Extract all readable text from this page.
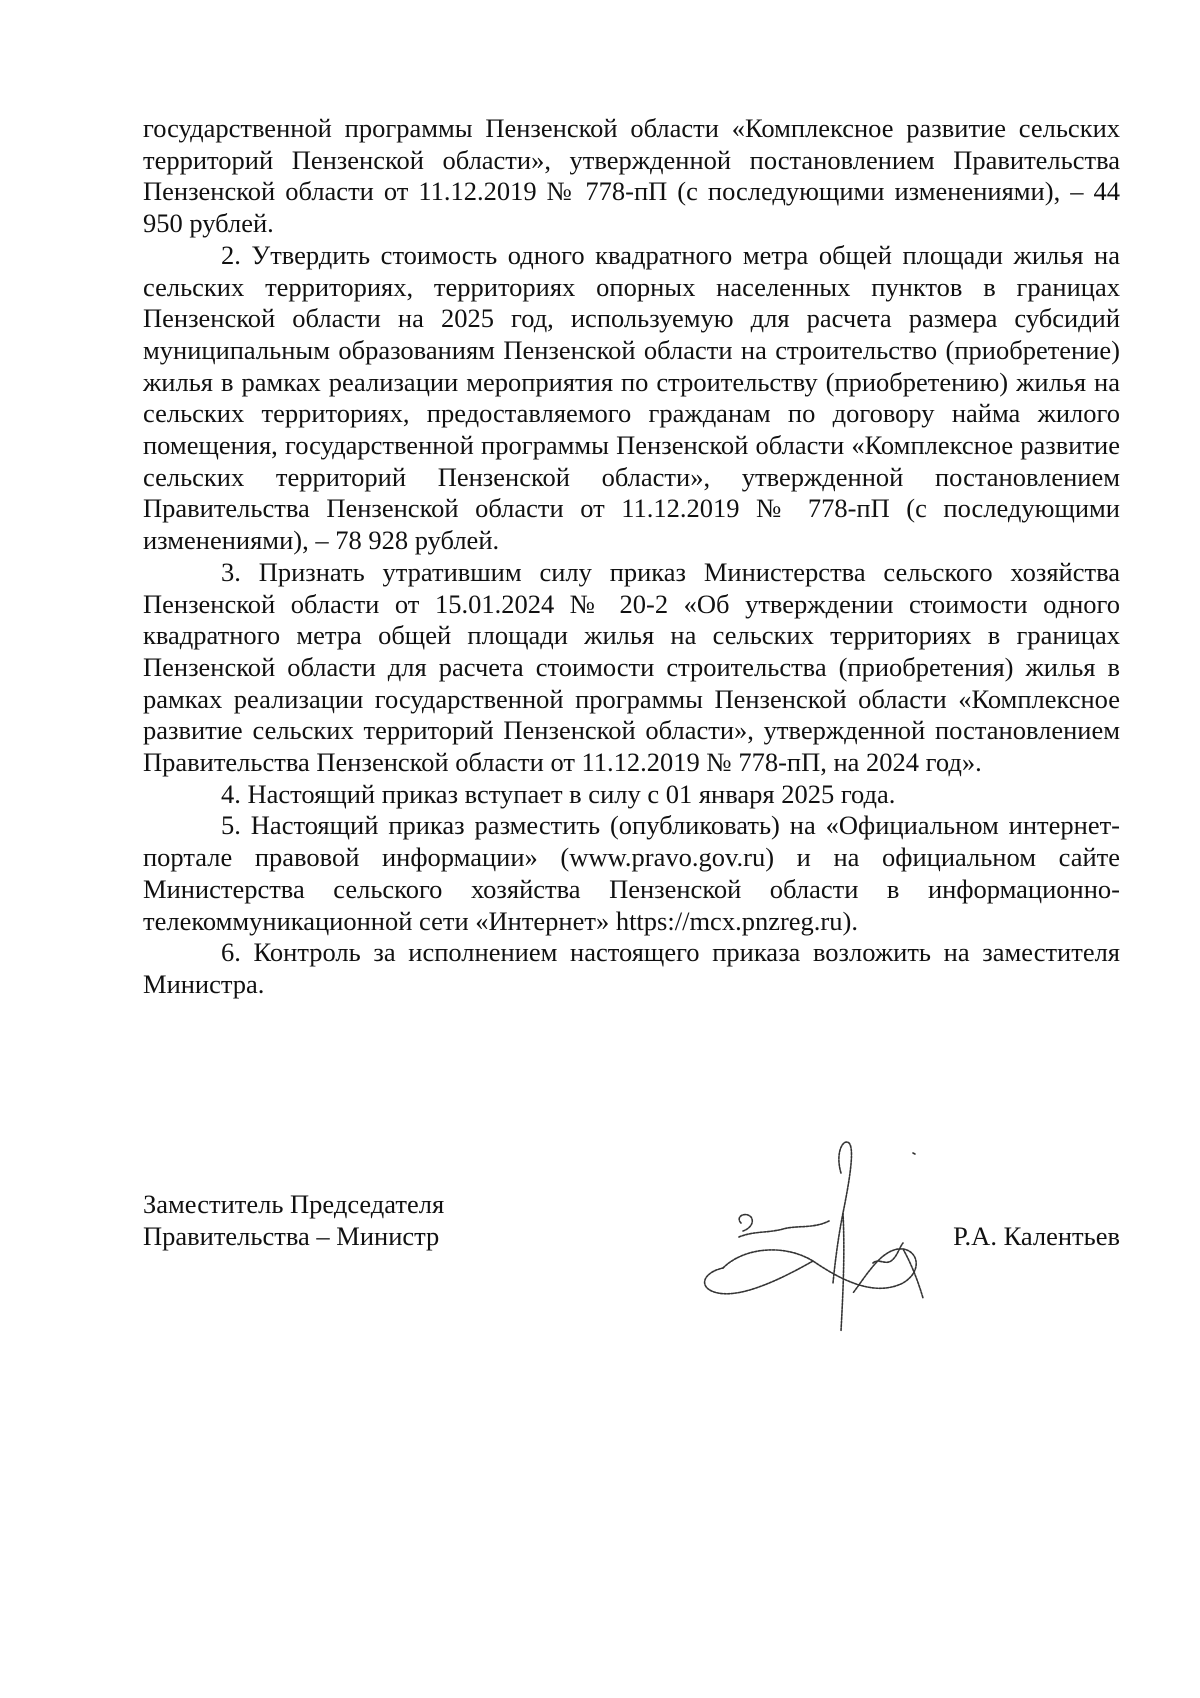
государственной программы Пензенской области «Комплексное развитие сельских территорий Пензенской области», утвержденной постановлением Правительства Пензенской области от 11.12.2019 № 778-пП (с последующими изменениями), – 44 950 рублей.

2. Утвердить стоимость одного квадратного метра общей площади жилья на сельских территориях, территориях опорных населенных пунктов в границах Пензенской области на 2025 год, используемую для расчета размера субсидий муниципальным образованиям Пензенской области на строительство (приобретение) жилья в рамках реализации мероприятия по строительству (приобретению) жилья на сельских территориях, предоставляемого гражданам по договору найма жилого помещения, государственной программы Пензенской области «Комплексное развитие сельских территорий Пензенской области», утвержденной постановлением Правительства Пензенской области от 11.12.2019 № 778-пП (с последующими изменениями), – 78 928 рублей.

3. Признать утратившим силу приказ Министерства сельского хозяйства Пензенской области от 15.01.2024 № 20-2 «Об утверждении стоимости одного квадратного метра общей площади жилья на сельских территориях в границах Пензенской области для расчета стоимости строительства (приобретения) жилья в рамках реализации государственной программы Пензенской области «Комплексное развитие сельских территорий Пензенской области», утвержденной постановлением Правительства Пензенской области от 11.12.2019 № 778-пП, на 2024 год».

4. Настоящий приказ вступает в силу с 01 января 2025 года.

5. Настоящий приказ разместить (опубликовать) на «Официальном интернет-портале правовой информации» (www.pravo.gov.ru) и на официальном сайте Министерства сельского хозяйства Пензенской области в информационно-телекоммуникационной сети «Интернет» https://mcx.pnzreg.ru).

6. Контроль за исполнением настоящего приказа возложить на заместителя Министра.

Заместитель Председателя
Правительства – Министр	Р.А. Калентьев
